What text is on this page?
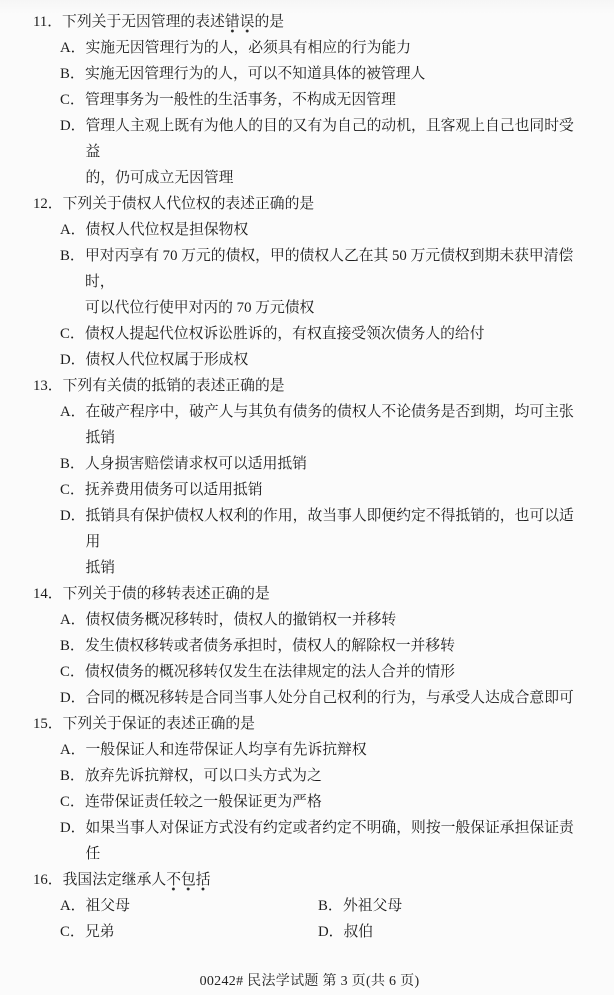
11． 下列关于无因管理的表述错误的是
A． 实施无因管理行为的人，必须具有相应的行为能力
B． 实施无因管理行为的人，可以不知道具体的被管理人
C． 管理事务为一般性的生活事务，不构成无因管理
D． 管理人主观上既有为他人的目的又有为自己的动机，且客观上自己也同时受益
的，仍可成立无因管理
12． 下列关于债权人代位权的表述正确的是
A． 债权人代位权是担保物权
B． 甲对丙享有 70 万元的债权，甲的债权人乙在其 50 万元债权到期未获甲清偿时，
可以代位行使甲对丙的 70 万元债权
C． 债权人提起代位权诉讼胜诉的，有权直接受领次债务人的给付
D． 债权人代位权属于形成权
13． 下列有关债的抵销的表述正确的是
A． 在破产程序中，破产人与其负有债务的债权人不论债务是否到期，均可主张抵销
B． 人身损害赔偿请求权可以适用抵销
C． 抚养费用债务可以适用抵销
D． 抵销具有保护债权人权利的作用，故当事人即便约定不得抵销的，也可以适用
抵销
14． 下列关于债的移转表述正确的是
A． 债权债务概况移转时，债权人的撤销权一并移转
B． 发生债权移转或者债务承担时，债权人的解除权一并移转
C． 债权债务的概况移转仅发生在法律规定的法人合并的情形
D． 合同的概况移转是合同当事人处分自己权利的行为，与承受人达成合意即可
15． 下列关于保证的表述正确的是
A． 一般保证人和连带保证人均享有先诉抗辩权
B． 放弃先诉抗辩权，可以口头方式为之
C． 连带保证责任较之一般保证更为严格
D． 如果当事人对保证方式没有约定或者约定不明确，则按一般保证承担保证责任
16． 我国法定继承人不包括
A． 祖父母	B． 外祖父母
C． 兄弟	D． 叔伯
00242# 民法学试题 第 3 页(共 6 页)
